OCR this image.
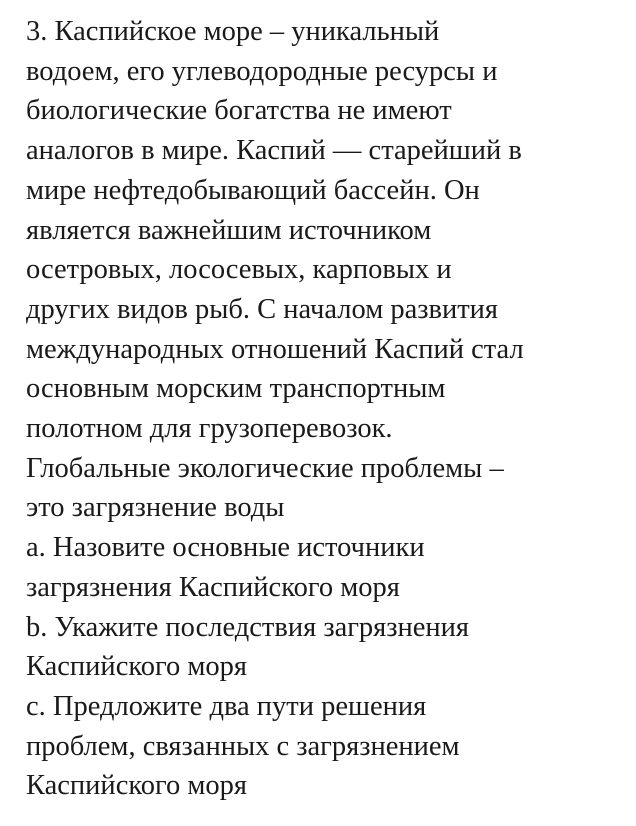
3. Каспийское море – уникальный
водоем, его углеводородные ресурсы и
биологические богатства не имеют
аналогов в мире. Каспий — старейший в
мире нефтедобывающий бассейн. Он
является важнейшим источником
осетровых, лососевых, карповых и
других видов рыб. С началом развития
международных отношений Каспий стал
основным морским транспортным
полотном для грузоперевозок.
Глобальные экологические проблемы –
это загрязнение воды
a. Назовите основные источники
загрязнения Каспийского моря
b. Укажите последствия загрязнения
Каспийского моря
c. Предложите два пути решения
проблем, связанных с загрязнением
Каспийского моря
